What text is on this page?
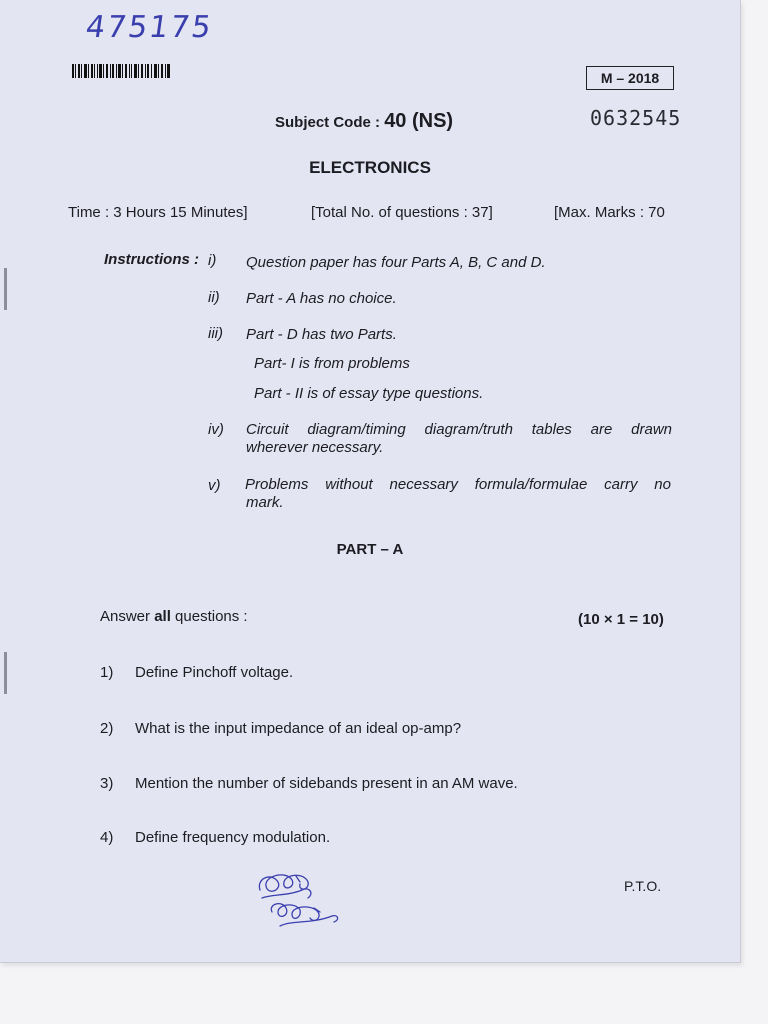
475175
M – 2018
0632545
Subject Code : 40 (NS)
ELECTRONICS
Time : 3 Hours 15 Minutes]	[Total No. of questions : 37]	[Max. Marks : 70
Instructions : i) Question paper has four Parts A, B, C and D.
ii) Part - A has no choice.
iii) Part - D has two Parts.
Part- I is from problems
Part - II is of essay type questions.
iv) Circuit diagram/timing diagram/truth tables are drawn
wherever necessary.
v) Problems without necessary formula/formulae carry no
mark.
PART – A
Answer all questions :	(10 × 1 = 10)
1) Define Pinchoff voltage.
2) What is the input impedance of an ideal op-amp?
3) Mention the number of sidebands present in an AM wave.
4) Define frequency modulation.
P.T.O.
